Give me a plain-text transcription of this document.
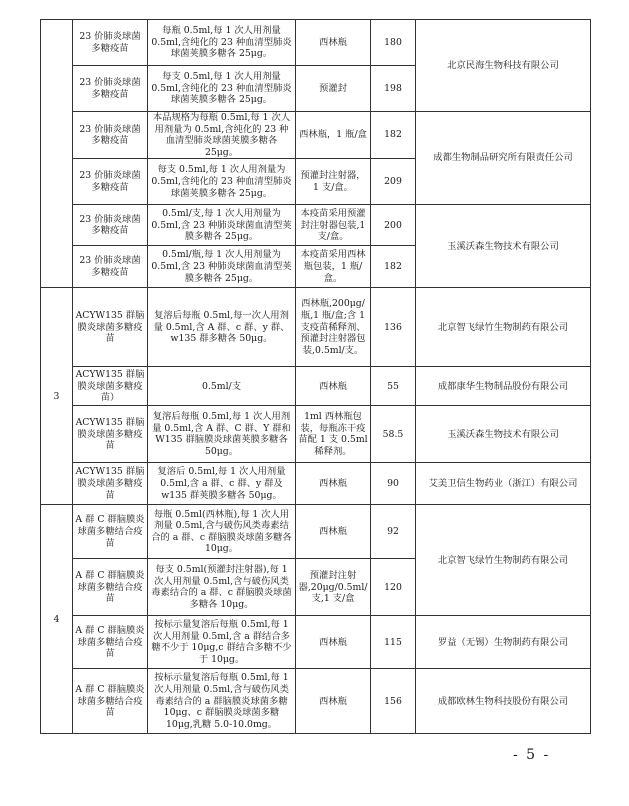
	23 价肺炎球菌多糖疫苗	每瓶 0.5ml,每 1 次人用剂量 0.5ml,含纯化的 23 种血清型肺炎球菌荚膜多糖各 25μg。	西林瓶	180	北京民海生物科技有限公司
	23 价肺炎球菌多糖疫苗	每支 0.5ml,每 1 次人用剂量 0.5ml,含纯化的 23 种血清型肺炎球菌荚膜多糖各 25μg。	预灌封	198	
	23 价肺炎球菌多糖疫苗	本品规格为每瓶 0.5ml,每 1 次人用剂量为 0.5ml,含纯化的 23 种血清型肺炎球菌荚膜多糖各 25μg。	西林瓶，1 瓶/盒	182	成都生物制品研究所有限责任公司
	23 价肺炎球菌多糖疫苗	每支 0.5ml,每 1 次人用剂量为 0.5ml,含纯化的 23 种血清型肺炎球菌荚膜多糖各 25μg。	预灌封注射器，1 支/盒。	209	
	23 价肺炎球菌多糖疫苗	0.5ml/支,每 1 次人用剂量为 0.5ml,含 23 种肺炎球菌血清型荚膜多糖各 25μg。	本疫苗采用预灌封注射器包装,1 支/盒。	200	玉溪沃森生物技术有限公司
	23 价肺炎球菌多糖疫苗	0.5ml/瓶,每 1 次人用剂量为 0.5ml,含 23 种肺炎球菌血清型荚膜多糖各 25μg。	本疫苗采用西林瓶包装，1 瓶/盒。	182	
3	ACYW135 群脑膜炎球菌多糖疫苗	复溶后每瓶 0.5ml,每一次人用剂量 0.5ml,含 A 群、c 群、y 群、w135 群多糖各 50μg。	西林瓶,200μg/瓶,1 瓶/盒;含 1 支疫苗稀释剂、预灌封注射器包装,0.5ml/支。	136	北京智飞绿竹生物制药有限公司
	ACYW135 群脑膜炎球菌多糖疫苗）	0.5ml/支	西林瓶	55	成都康华生物制品股份有限公司
	ACYW135 群脑膜炎球菌多糖疫苗	复溶后每瓶 0.5ml,每 1 次人用剂量 0.5ml,含 A 群、C 群、Y 群和 W135 群脑膜炎球菌荚膜多糖各 50μg。	1ml 西林瓶包装，每瓶冻干疫苗配 1 支 0.5ml 稀释剂。	58.5	玉溪沃森生物技术有限公司
	ACYW135 群脑膜炎球菌多糖疫苗	复溶后 0.5ml,每 1 次人用剂量 0.5ml,含 a 群、c 群、y 群及 w135 群荚膜多糖各 50μg。	西林瓶	90	艾美卫信生物药业（浙江）有限公司
4	A 群 C 群脑膜炎球菌多糖结合疫苗	每瓶 0.5ml(西林瓶),每 1 次人用剂量 0.5ml,含与破伤风类毒素结合的 a 群、c 群脑膜炎球菌多糖各 10μg。	西林瓶	92	北京智飞绿竹生物制药有限公司
	A 群 C 群脑膜炎球菌多糖结合疫苗	每支 0.5ml(预灌封注射器),每 1 次人用剂量 0.5ml,含与破伤风类毒素结合的 a 群、c 群脑膜炎球菌多糖各 10μg。	预灌封注射器,20μg/0.5ml/支,1 支/盒	120	
	A 群 C 群脑膜炎球菌多糖结合疫苗	按标示量复溶后每瓶 0.5ml,每 1 次人用剂量 0.5ml,含 a 群结合多糖不少于 10μg,c 群结合多糖不少于 10μg。	西林瓶	115	罗益（无锡）生物制药有限公司
	A 群 C 群脑膜炎球菌多糖结合疫苗	按标示量复溶后每瓶 0.5ml,每 1 次人用剂量 0.5ml,含与破伤风类毒素结合的 a 群脑膜炎球菌多糖 10μg、c 群脑膜炎球菌多糖 10μg,乳糖 5.0-10.0mg。	西林瓶	156	成都欧林生物科技股份有限公司
- 5 -
